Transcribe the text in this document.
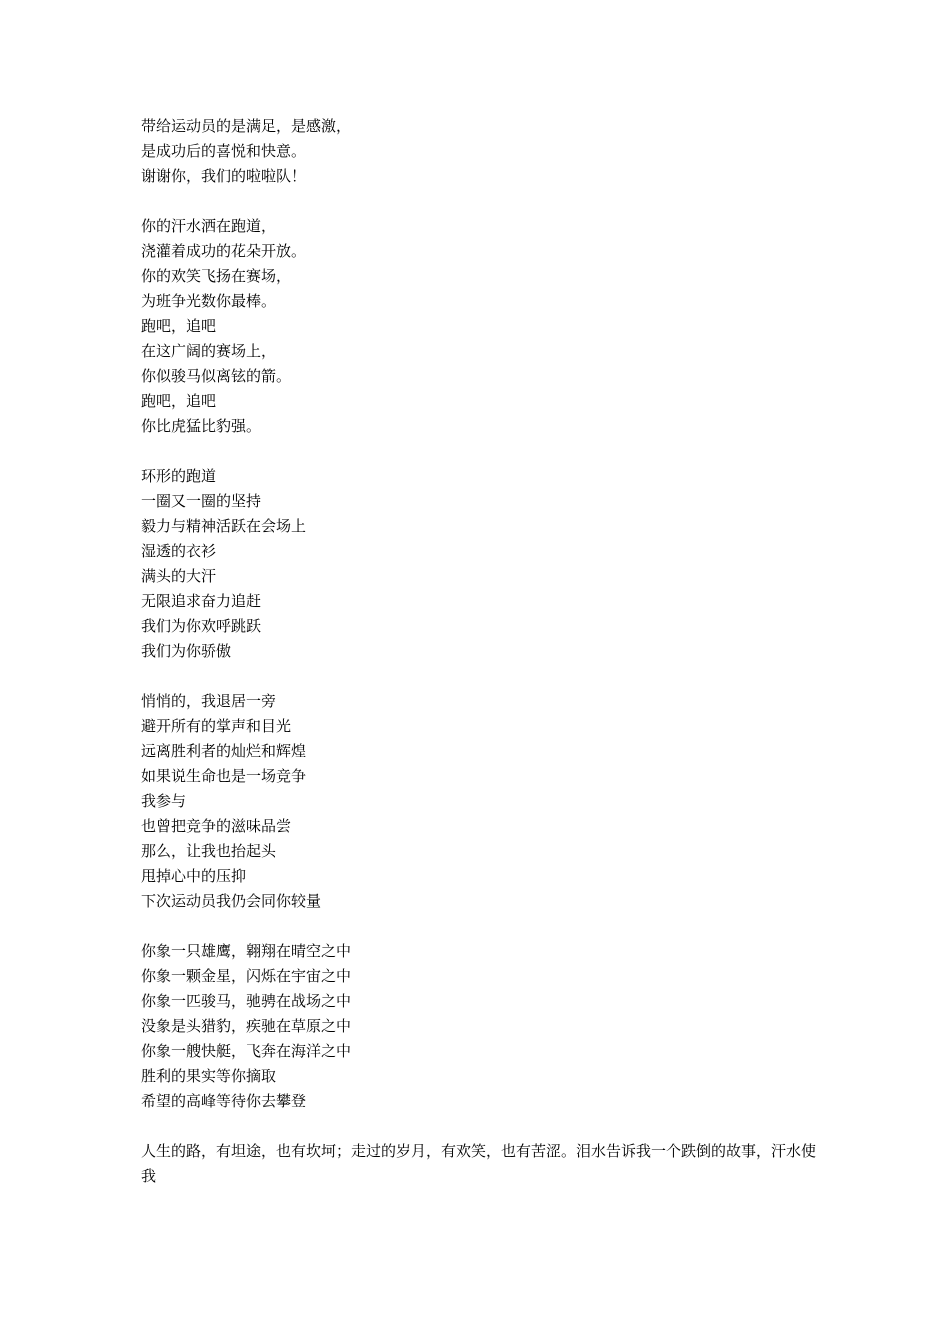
带给运动员的是满足，是感激，
是成功后的喜悦和快意。
谢谢你，我们的啦啦队！
你的汗水洒在跑道，
浇灌着成功的花朵开放。
你的欢笑飞扬在赛场，
为班争光数你最棒。
跑吧，追吧
在这广阔的赛场上，
你似骏马似离铉的箭。
跑吧，追吧
你比虎猛比豹强。
环形的跑道
一圈又一圈的坚持
毅力与精神活跃在会场上
湿透的衣衫
满头的大汗
无限追求奋力追赶
我们为你欢呼跳跃
我们为你骄傲
悄悄的，我退居一旁
避开所有的掌声和目光
远离胜利者的灿烂和辉煌
如果说生命也是一场竞争
我参与
也曾把竞争的滋味品尝
那么，让我也抬起头
甩掉心中的压抑
下次运动员我仍会同你较量
你象一只雄鹰，翱翔在晴空之中
你象一颗金星，闪烁在宇宙之中
你象一匹骏马，驰骋在战场之中
没象是头猎豹，疾驰在草原之中
你象一艘快艇，飞奔在海洋之中
胜利的果实等你摘取
希望的高峰等待你去攀登

人生的路，有坦途，也有坎坷；走过的岁月，有欢笑，也有苦涩。泪水告诉我一个跌倒的故事，汗水使我
